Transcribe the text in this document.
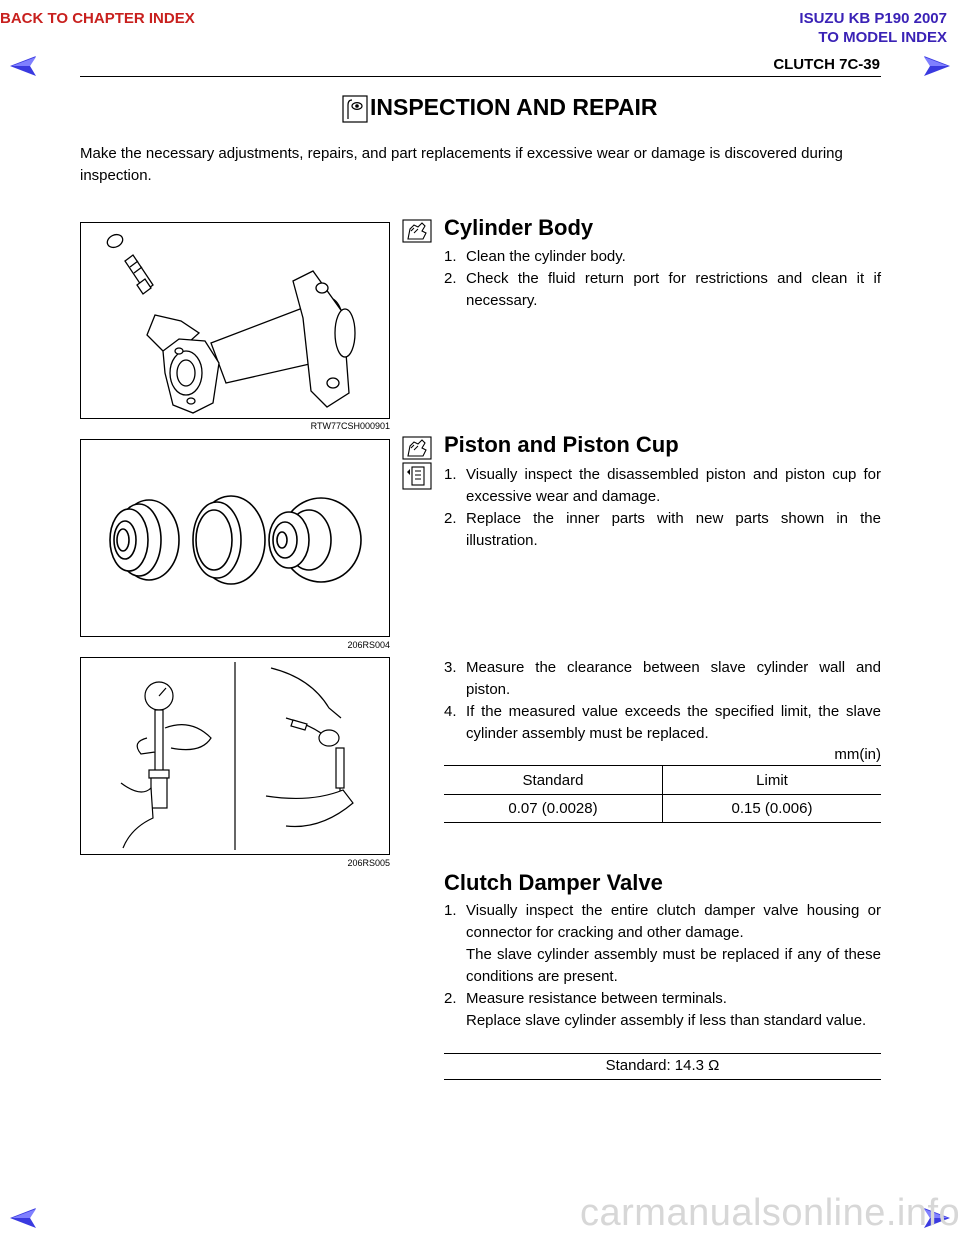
BACK TO CHAPTER INDEX	ISUZU KB P190 2007
TO MODEL INDEX
CLUTCH 7C-39
INSPECTION AND REPAIR
Make the necessary adjustments, repairs, and part replacements if excessive wear or damage is discovered during inspection.
RTW77CSH000901
206RS004
206RS005
Cylinder Body
1. Clean the cylinder body.
2. Check the fluid return port for restrictions and clean it if necessary.
Piston and Piston Cup
1. Visually inspect the disassembled piston and piston cup for excessive wear and damage.
2. Replace the inner parts with new parts shown in the illustration.
3. Measure the clearance between slave cylinder wall and piston.
4. If the measured value exceeds the specified limit, the slave cylinder assembly must be replaced.
mm(in)
Standard	Limit
0.07 (0.0028)	0.15 (0.006)
Clutch Damper Valve
1. Visually inspect the entire clutch damper valve housing or connector for cracking and other damage.
The slave cylinder assembly must be replaced if any of these conditions are present.
2. Measure resistance between terminals.
Replace slave cylinder assembly if less than standard value.
Standard: 14.3 Ω
carmanualsonline.info
